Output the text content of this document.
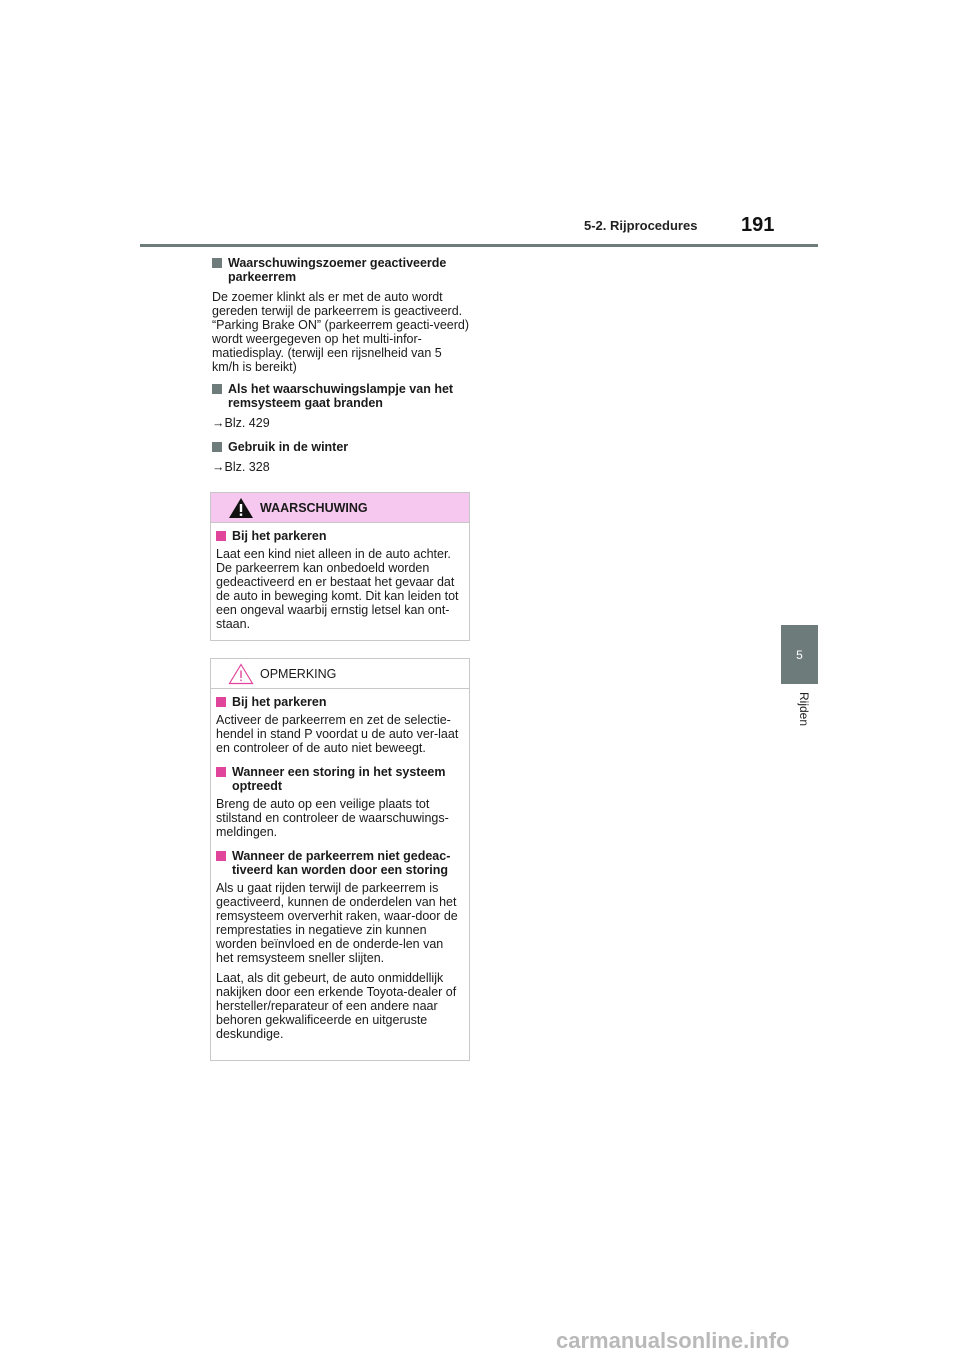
5-2. Rijprocedures 191
5
Rijden
Waarschuwingszoemer geactiveerde parkeerrem

De zoemer klinkt als er met de auto wordt gereden terwijl de parkeerrem is geactiveerd. “Parking Brake ON” (parkeerrem geacti-veerd) wordt weergegeven op het multi-infor-matiedisplay. (terwijl een rijsnelheid van 5 km/h is bereikt)

Als het waarschuwingslampje van het remsysteem gaat branden

→Blz. 429

Gebruik in de winter

→Blz. 328

WAARSCHUWING
Bij het parkeren

Laat een kind niet alleen in de auto achter. De parkeerrem kan onbedoeld worden gedeactiveerd en er bestaat het gevaar dat de auto in beweging komt. Dit kan leiden tot een ongeval waarbij ernstig letsel kan ont-staan.

OPMERKING
Bij het parkeren

Activeer de parkeerrem en zet de selectie-hendel in stand P voordat u de auto ver-laat en controleer of de auto niet beweegt.

Wanneer een storing in het systeem optreedt

Breng de auto op een veilige plaats tot stilstand en controleer de waarschuwings-meldingen.

Wanneer de parkeerrem niet gedeac-tiveerd kan worden door een storing

Als u gaat rijden terwijl de parkeerrem is geactiveerd, kunnen de onderdelen van het remsysteem oververhit raken, waar-door de remprestaties in negatieve zin kunnen worden beïnvloed en de onderde-len van het remsysteem sneller slijten.

Laat, als dit gebeurt, de auto onmiddellijk nakijken door een erkende Toyota-dealer of hersteller/reparateur of een andere naar behoren gekwalificeerde en uitgeruste deskundige.

carmanualsonline.info
